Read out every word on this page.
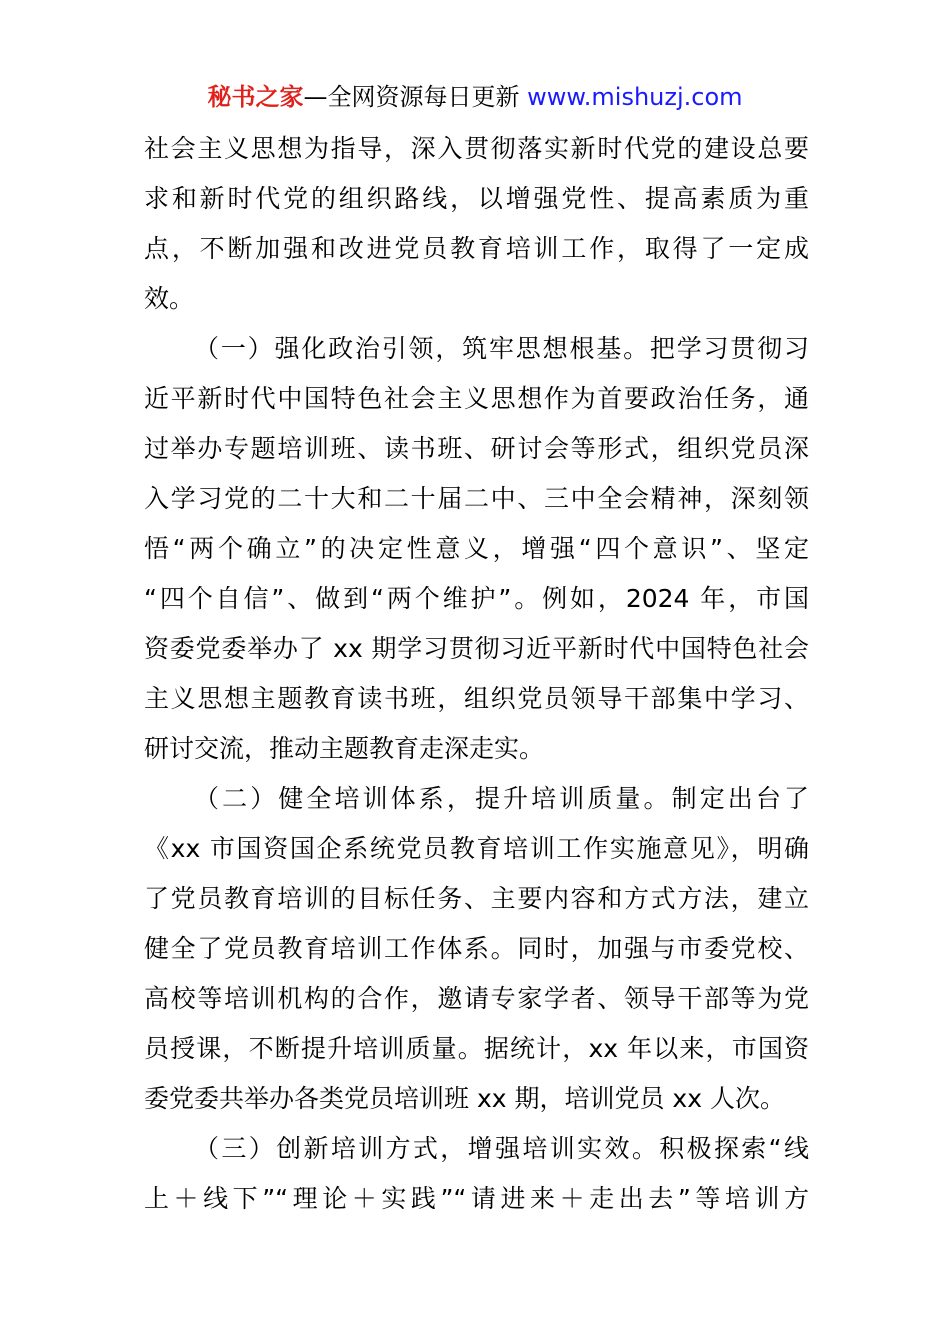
秘书之家—全网资源每日更新 www.mishuzj.com
社会主义思想为指导，深入贯彻落实新时代党的建设总要
求和新时代党的组织路线，以增强党性、提高素质为重
点，不断加强和改进党员教育培训工作，取得了一定成
效。
（一）强化政治引领，筑牢思想根基。把学习贯彻习
近平新时代中国特色社会主义思想作为首要政治任务，通
过举办专题培训班、读书班、研讨会等形式，组织党员深
入学习党的二十大和二十届二中、三中全会精神，深刻领
悟“两个确立”的决定性意义，增强“四个意识”、坚定
“四个自信”、做到“两个维护”。例如，2024 年，市国
资委党委举办了 xx 期学习贯彻习近平新时代中国特色社会
主义思想主题教育读书班，组织党员领导干部集中学习、
研讨交流，推动主题教育走深走实。
（二）健全培训体系，提升培训质量。制定出台了
《xx 市国资国企系统党员教育培训工作实施意见》，明确
了党员教育培训的目标任务、主要内容和方式方法，建立
健全了党员教育培训工作体系。同时，加强与市委党校、
高校等培训机构的合作，邀请专家学者、领导干部等为党
员授课，不断提升培训质量。据统计，xx 年以来，市国资
委党委共举办各类党员培训班 xx 期，培训党员 xx 人次。
（三）创新培训方式，增强培训实效。积极探索“线
上＋线下”“理论＋实践”“请进来＋走出去”等培训方
